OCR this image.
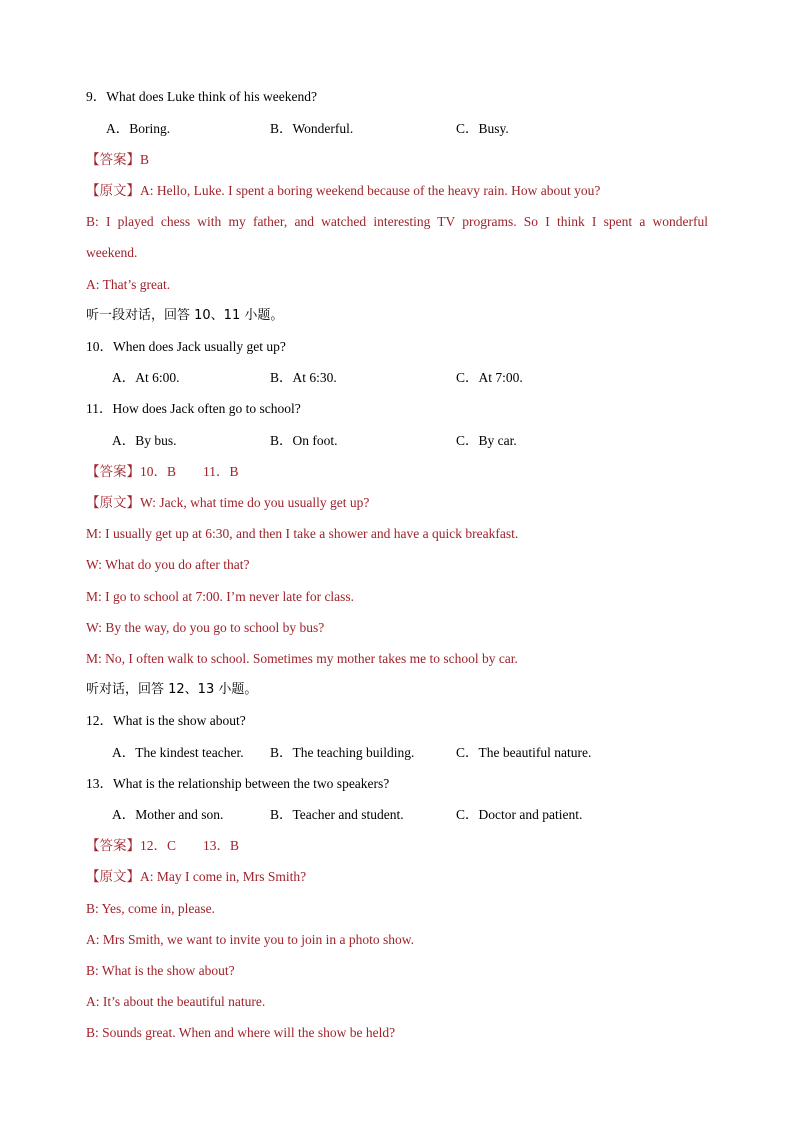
9．What does Luke think of his weekend?
A．Boring.	B．Wonderful.	C．Busy.
【答案】B
【原文】A: Hello, Luke. I spent a boring weekend because of the heavy rain. How about you?
B: I played chess with my father, and watched interesting TV programs. So I think I spent a wonderful
weekend.
A: That’s great.
听一段对话，回答 10、11 小题。
10．When does Jack usually get up?
A．At 6:00.	B．At 6:30.	C．At 7:00.
11．How does Jack often go to school?
A．By bus.	B．On foot.	C．By car.
【答案】10．B        11．B
【原文】W: Jack, what time do you usually get up?
M: I usually get up at 6:30, and then I take a shower and have a quick breakfast.
W: What do you do after that?
M: I go to school at 7:00. I’m never late for class.
W: By the way, do you go to school by bus?
M: No, I often walk to school. Sometimes my mother takes me to school by car.
听对话，回答 12、13 小题。
12．What is the show about?
A．The kindest teacher. B．The teaching building.	C．The beautiful nature.
13．What is the relationship between the two speakers?
A．Mother and son.	B．Teacher and student.	C．Doctor and patient.
【答案】12．C        13．B
【原文】A: May I come in, Mrs Smith?
B: Yes, come in, please.
A: Mrs Smith, we want to invite you to join in a photo show.
B: What is the show about?
A: It’s about the beautiful nature.
B: Sounds great. When and where will the show be held?
